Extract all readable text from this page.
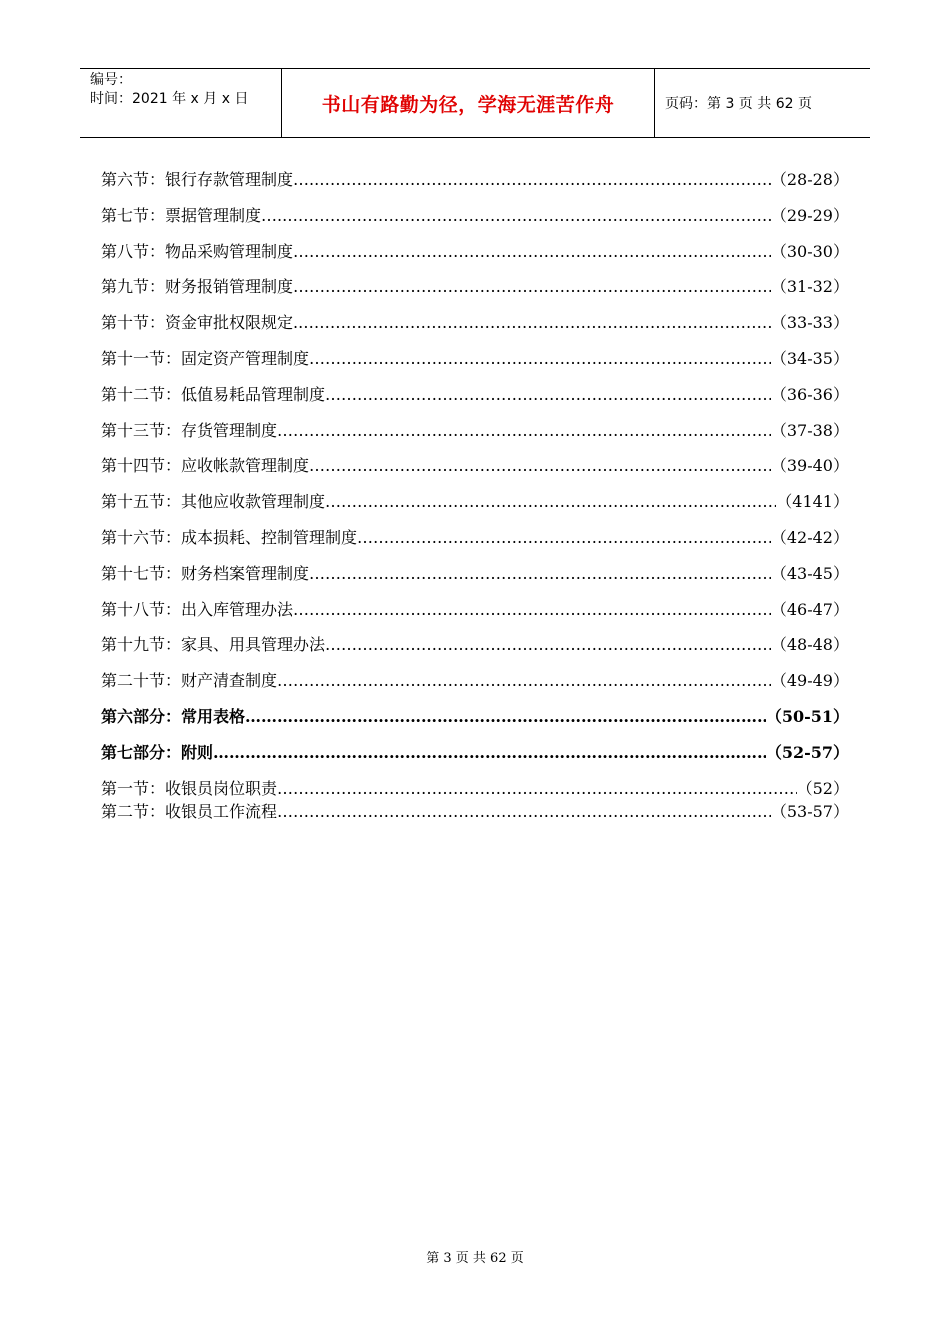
编号：
时间：2021 年 x 月 x 日	书山有路勤为径，学海无涯苦作舟	页码：第 3 页 共 62 页
第六节：银行存款管理制度….. ……………………………………………………………………………………………………………………………………………………………………………………	（28-28）
第七节：票据管理制度….. ……………………………………………………………………………………………………………………………………………………………………………………	（29-29）
第八节：物品采购管理制度 ……………………………………………………………………………………………………………………………………………………………………………………	（30-30）
第九节：财务报销管理制度 ……………………………………………………………………………………………………………………………………………………………………………………	（31-32）
第十节：资金审批权限规定.. ……………………………………………………………………………………………………………………………………………………………………………………	（33-33）
第十一节：固定资产管理制度 ……………………………………………………………………………………………………………………………………………………………………………………	（34-35）
第十二节：低值易耗品管理制度 ……………………………………………………………………………………………………………………………………………………………………………………	（36-36）
第十三节：存货管理制度 ……………………………………………………………………………………………………………………………………………………………………………………	（37-38）
第十四节：应收帐款管理制度 ……………………………………………………………………………………………………………………………………………………………………………………	（39-40）
第十五节：其他应收款管理制度 ……………………………………………………………………………………………………………………………………………………………………………………	（4141）
第十六节：成本损耗、控制管理制度 ……………………………………………………………………………………………………………………………………………………………………………………	（42-42）
第十七节：财务档案管理制度 ……………………………………………………………………………………………………………………………………………………………………………………	（43-45）
第十八节：出入库管理办法 ……………………………………………………………………………………………………………………………………………………………………………………	（46-47）
第十九节：家具、用具管理办法 ……………………………………………………………………………………………………………………………………………………………………………………	（48-48）
第二十节：财产清查制度 ……………………………………………………………………………………………………………………………………………………………………………………	（49-49）
第六部分：常用表格 ……………………………………………………………………………………………………………………………………………………………………………………	（50-51）
第七部分：附则 ……………………………………………………………………………………………………………………………………………………………………………………	（52-57）
第一节：收银员岗位职责 ……………………………………………………………………………………………………………………………………………………………………………………	（52）
第二节：收银员工作流程 ……………………………………………………………………………………………………………………………………………………………………………………	（53-57）
第 3 页 共 62 页
